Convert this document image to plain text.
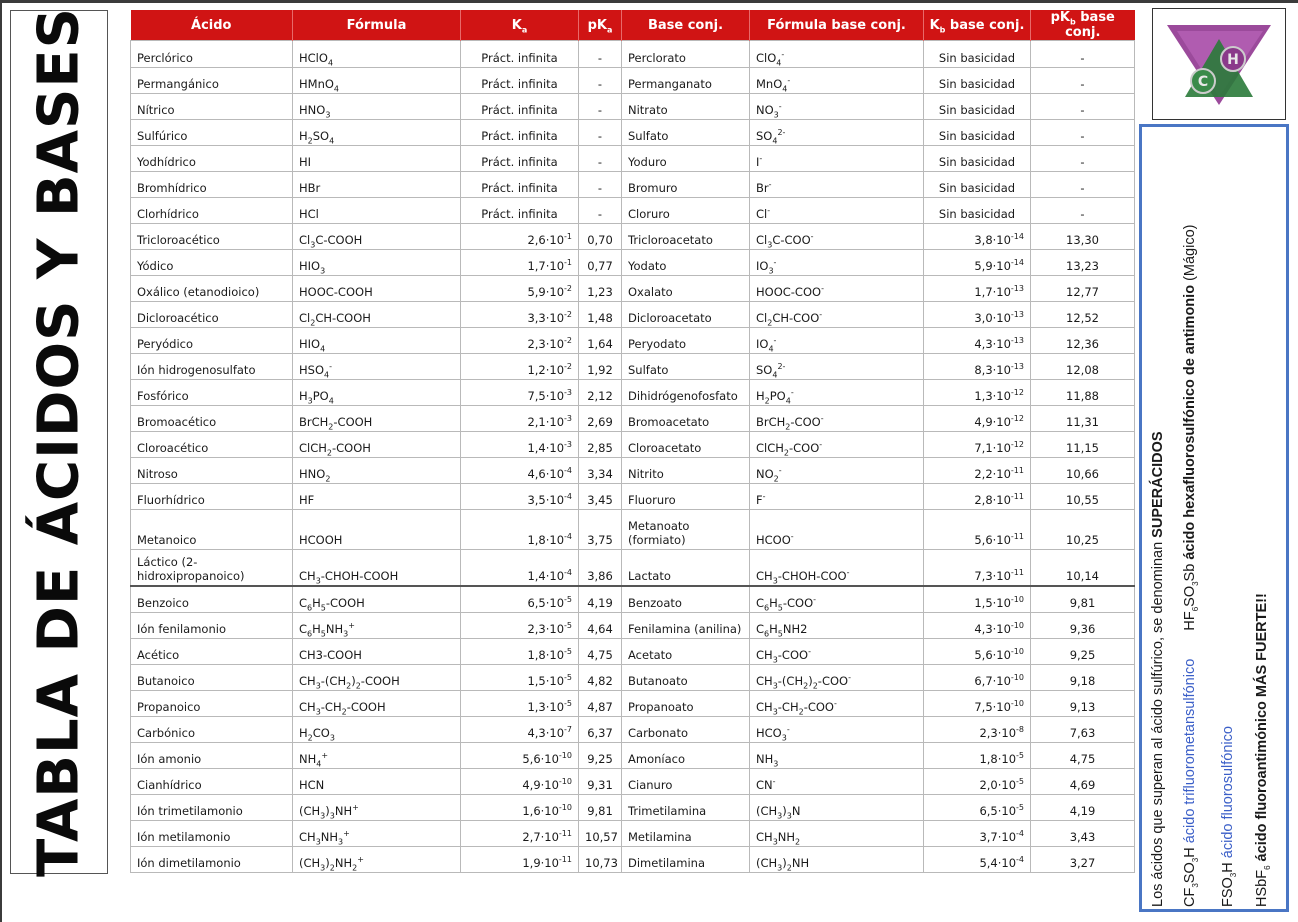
TABLA DE ÁCIDOS Y BASES	Ácido	Fórmula	$K_a$	$pK_a$	Base conj.	Fórmula base conj.	$K_b$ base conj.	$pK_b$ base conj.
Perclórico	HClO$_4$	Práct. infinita	-	Perclorato	ClO$_4$-	Sin basicidad	-
Permangánico	HMnO$_4$	Práct. infinita	-	Permanganato	MnO$_4$-	Sin basicidad	-
Nítrico	$HNO_3$	Práct. infinita	-	Nitrato	$NO_3^-$	Sin basicidad	-
Sulfúrico	$H_2SO_4$	Práct. infinita	-	Sulfato	$SO_4^{2-}$	Sin basicidad	-
Yodhídrico	HI	Práct. infinita	-	Yoduro	I-	Sin basicidad	-
Bromhídrico	HBr	Práct. infinita	-	Bromuro	Br-	Sin basicidad	-
Clorhídrico	HCl	Práct. infinita	-	Cloruro	Cl-	Sin basicidad	-
Tricloroacético	$Cl_3C$-COOH	$2,6\cdot 10^{-1}$	0,70	Tricloroacetato	$Cl_3C-COO^-$	$3,8\cdot 10^{-14}$	13,30
Yódico	$HIO_3$	$1,7\cdot 10^{-1}$	0,77	Yodato	$IO_3^-$	$5,9\cdot 10^{-14}$	13,23
Oxálico (etanodioico)	HOOC-COOH	$5,9\cdot 10^{-2}$	1,23	Oxalato	HOOC-COO-	$1,7\cdot 10^{-13}$	12,77
Dicloroacético	$Cl_2CH$-COOH	$3,3\cdot 10^{-2}$	1,48	Dicloroacetato	$Cl_2CH-COO^-$	$3,0\cdot 10^{-13}$	12,52
Peryódico	$HIO_4$	$2,3\cdot 10^{-2}$	1,64	Peryodato	$IO_4^-$	$4,3\cdot 10^{-13}$	12,36
Ión hidrogenosulfato	$HSO_4^-$	$1,2\cdot 10^{-2}$	1,92	Sulfato	$SO_4^{2-}$	$8,3\cdot 10^{-13}$	12,08
Fosfórico	$H_3PO_4$	$7,5\cdot 10^{-3}$	2,12	Dihidrógenofosfato	$H_2PO_4^-$	$1,3\cdot 10^{-12}$	11,88
Bromoacético	BrCH$_2$-COOH	$2,1\cdot 10^{-3}$	2,69	Bromoacetato	BrCH$_2$-COO-	$4,9\cdot 10^{-12}$	11,31
Cloroacético	ClCH$_2$-COOH	$1,4\cdot 10^{-3}$	2,85	Cloroacetato	ClCH$_2$-COO-	$7,1\cdot 10^{-12}$	11,15
Nitroso	$HNO_2$	$4,6\cdot 10^{-4}$	3,34	Nitrito	$NO_2^-$	$2,2\cdot 10^{-11}$	10,66
Fluorhídrico	HF	$3,5\cdot 10^{-4}$	3,45	Fluoruro	F-	$2,8\cdot 10^{-11}$	10,55
Metanoico	HCOOH	$1,8\cdot 10^{-4}$	3,75	Metanoato (formiato)	HCOO-	$5,6\cdot 10^{-11}$	10,25
Láctico (2-hidroxipropanoico)	$CH_3-CHOH$-COOH	$1,4\cdot 10^{-4}$	3,86	Lactato	$CH_3-CHOH-COO^-$	$7,3\cdot 10^{-11}$	10,14
Benzoico	$C_6H_5$-COOH	$6,5\cdot 10^{-5}$	4,19	Benzoato	$C_6H_5-COO^-$	$1,5\cdot 10^{-10}$	9,81
Ión fenilamonio	$C_6H_5NH_3^+$	$2,3\cdot 10^{-5}$	4,64	Fenilamina (anilina)	$C_6H_5NH2$	$4,3\cdot 10^{-10}$	9,36
Acético	CH3-COOH	$1,8\cdot 10^{-5}$	4,75	Acetato	$CH_3-COO^-$	$5,6\cdot 10^{-10}$	9,25
Butanoico	$CH_3-(CH_2)_2$-COOH	$1,5\cdot 10^{-5}$	4,82	Butanoato	$CH_3-(CH_2)_2-COO^-$	$6,7\cdot 10^{-10}$	9,18
Propanoico	$CH_3-CH_2$-COOH	$1,3\cdot 10^{-5}$	4,87	Propanoato	$CH_3-CH_2-COO^-$	$7,5\cdot 10^{-10}$	9,13
Carbónico	$H_2CO_3$	$4,3\cdot 10^{-7}$	6,37	Carbonato	$HCO_3^-$	$2,3\cdot 10^{-8}$	7,63
Ión amonio	$NH_4^+$	$5,6\cdot 10^{-10}$	9,25	Amoníaco	$NH_3$	$1,8\cdot 10^{-5}$	4,75
Cianhídrico	HCN	$4,9\cdot 10^{-10}$	9,31	Cianuro	CN-	$2,0\cdot 10^{-5}$	4,69
Ión trimetilamonio	$(CH_3)_3NH^+$	$1,6\cdot 10^{-10}$	9,81	Trimetilamina	$(CH_3)_3N$	$6,5\cdot 10^{-5}$	4,19
Ión metilamonio	$CH_3NH_3^+$	$2,7\cdot 10^{-11}$	10,57	Metilamina	$CH_3NH_2$	$3,7\cdot 10^{-4}$	3,43
Ión dimetilamonio	$(CH_3)_2NH_2^+$	$1,9\cdot 10^{-11}$	10,73	Dimetilamina	$(CH_3)_2NH$	$5,4\cdot 10^{-4}$	3,27
C
H
Los ácidos que superan al ácido sulfúrico, se denominan SUPERÁCIDOS
$CF_3SO_3H$ ácido trifluorometansulfónico  $HF_6SO_3Sb$ ácido hexafluorosulfónico de antimonio (Mágico)
$FSO_3H$ ácido fluorosulfónico
HSbF$_6$ ácido fluoroantimónico MÁS FUERTE!!
